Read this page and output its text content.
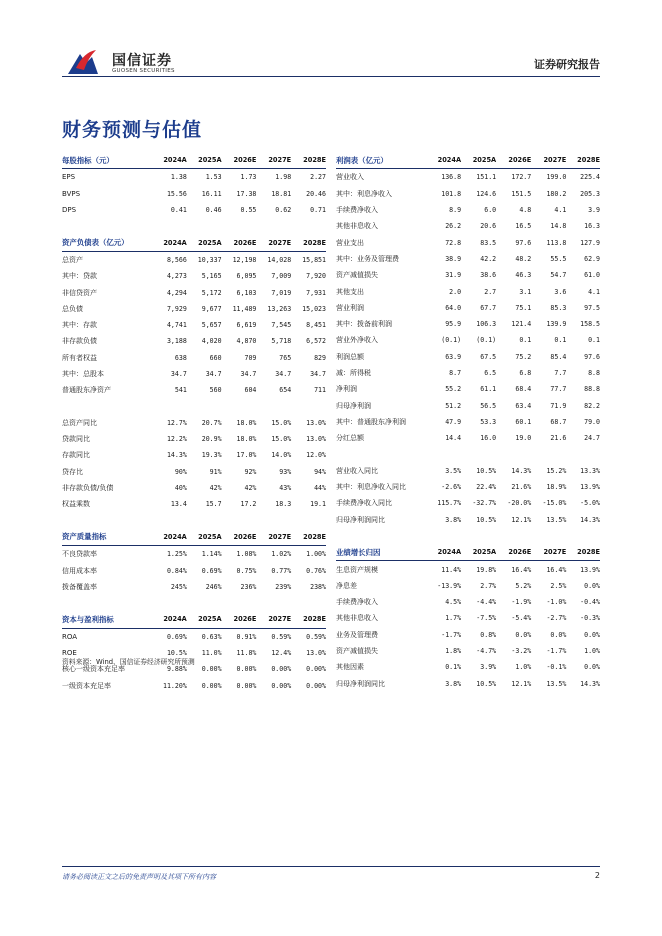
国信证券
GUOSEN SECURITIES	证券研究报告
财务预测与估值
每股指标（元）	2024A	2025A	2026E	2027E	2028E
EPS	1.38	1.53	1.73	1.98	2.27
BVPS	15.56	16.11	17.38	18.81	20.46
DPS	0.41	0.46	0.55	0.62	0.71

资产负债表（亿元）	2024A	2025A	2026E	2027E	2028E
总资产	8,566	10,337	12,198	14,028	15,851
其中：贷款	4,273	5,165	6,095	7,009	7,920
非信贷资产	4,294	5,172	6,103	7,019	7,931
总负债	7,929	9,677	11,489	13,263	15,023
其中：存款	4,741	5,657	6,619	7,545	8,451
非存款负债	3,188	4,020	4,870	5,718	6,572
所有者权益	638	660	709	765	829
其中：总股本	34.7	34.7	34.7	34.7	34.7
普通股东净资产	541	560	604	654	711

总资产同比	12.7%	20.7%	18.0%	15.0%	13.0%
贷款同比	12.2%	20.9%	18.0%	15.0%	13.0%
存款同比	14.3%	19.3%	17.0%	14.0%	12.0%
贷存比	90%	91%	92%	93%	94%
非存款负债/负债	40%	42%	42%	43%	44%
权益乘数	13.4	15.7	17.2	18.3	19.1

资产质量指标	2024A	2025A	2026E	2027E	2028E
不良贷款率	1.25%	1.14%	1.08%	1.02%	1.00%
信用成本率	0.84%	0.69%	0.75%	0.77%	0.76%
拨备覆盖率	245%	246%	236%	239%	238%

资本与盈利指标	2024A	2025A	2026E	2027E	2028E
ROA	0.69%	0.63%	0.91%	0.59%	0.59%
ROE	10.5%	11.0%	11.8%	12.4%	13.0%
核心一级资本充足率	9.88%	0.00%	0.00%	0.00%	0.00%
一级资本充足率	11.20%	0.00%	0.00%	0.00%	0.00%
利润表（亿元）	2024A	2025A	2026E	2027E	2028E
营业收入	136.8	151.1	172.7	199.0	225.4
其中：利息净收入	101.8	124.6	151.5	180.2	205.3
手续费净收入	8.9	6.0	4.8	4.1	3.9
其他非息收入	26.2	20.6	16.5	14.8	16.3
营业支出	72.8	83.5	97.6	113.8	127.9
其中：业务及管理费	38.9	42.2	48.2	55.5	62.9
资产减值损失	31.9	38.6	46.3	54.7	61.0
其他支出	2.0	2.7	3.1	3.6	4.1
营业利润	64.0	67.7	75.1	85.3	97.5
其中：拨备前利润	95.9	106.3	121.4	139.9	158.5
营业外净收入	(0.1)	(0.1)	0.1	0.1	0.1
利润总额	63.9	67.5	75.2	85.4	97.6
减：所得税	8.7	6.5	6.8	7.7	8.8
净利润	55.2	61.1	68.4	77.7	88.8
归母净利润	51.2	56.5	63.4	71.9	82.2
其中：普通股东净利润	47.9	53.3	60.1	68.7	79.0
分红总额	14.4	16.0	19.0	21.6	24.7

营业收入同比	3.5%	10.5%	14.3%	15.2%	13.3%
其中：利息净收入同比	-2.6%	22.4%	21.6%	18.9%	13.9%
手续费净收入同比	115.7%	-32.7%	-20.0%	-15.0%	-5.0%
归母净利润同比	3.8%	10.5%	12.1%	13.5%	14.3%

业绩增长归因	2024A	2025A	2026E	2027E	2028E
生息资产规模	11.4%	19.8%	16.4%	16.4%	13.9%
净息差	-13.9%	2.7%	5.2%	2.5%	0.0%
手续费净收入	4.5%	-4.4%	-1.9%	-1.0%	-0.4%
其他非息收入	1.7%	-7.5%	-5.4%	-2.7%	-0.3%
业务及管理费	-1.7%	0.8%	0.0%	0.0%	0.0%
资产减值损失	1.8%	-4.7%	-3.2%	-1.7%	1.0%
其他因素	0.1%	3.9%	1.0%	-0.1%	0.0%
归母净利润同比	3.8%	10.5%	12.1%	13.5%	14.3%
资料来源：Wind、国信证券经济研究所预测
请务必阅读正文之后的免责声明及其项下所有内容	2
